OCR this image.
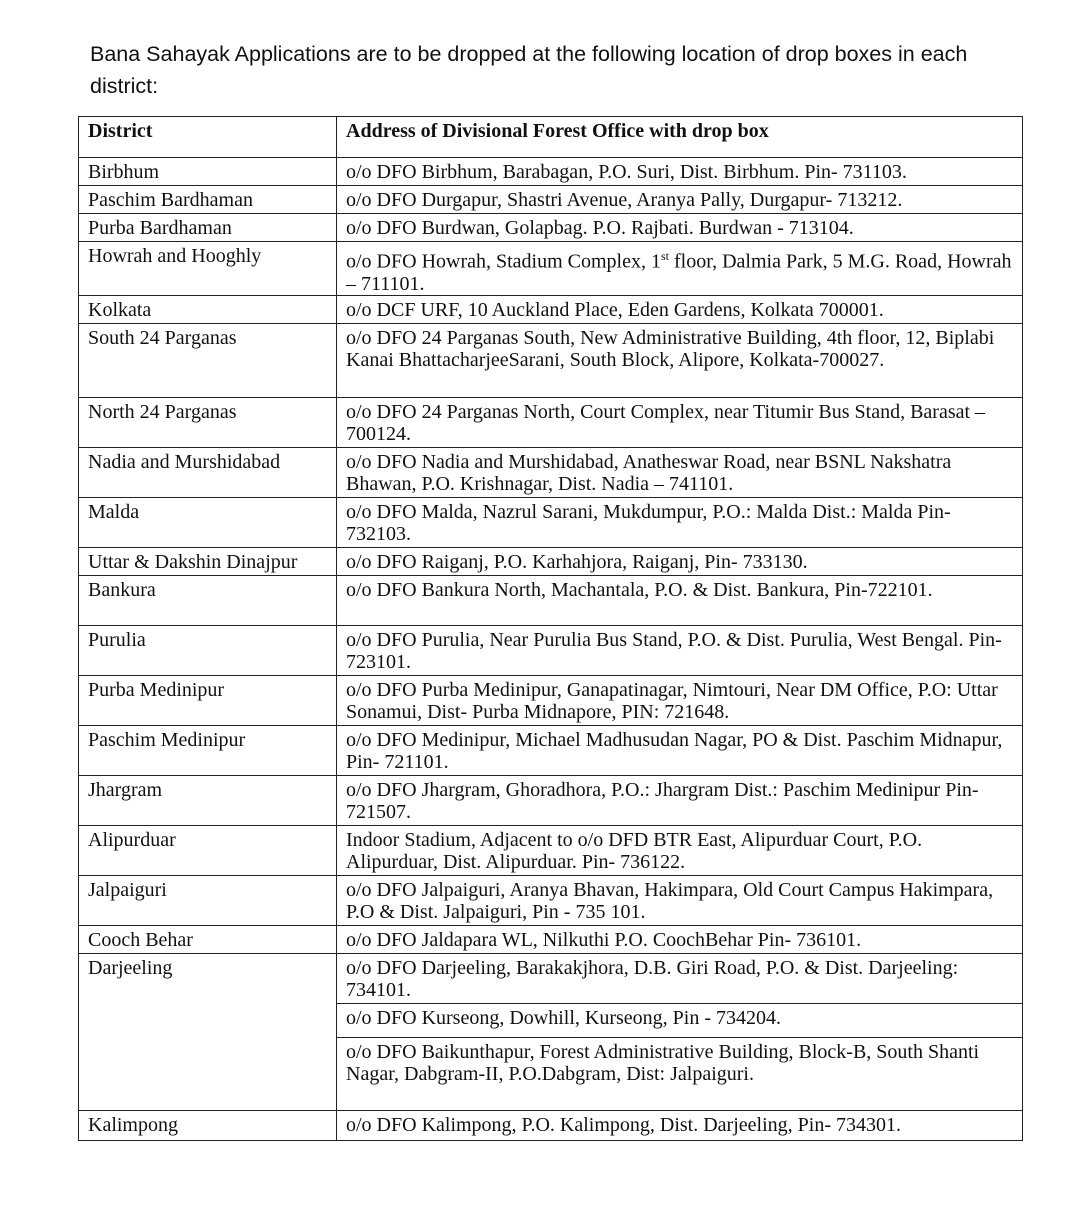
Bana Sahayak Applications are to be dropped at the following location of drop boxes in each district:
District	Address of Divisional Forest Office with drop box
Birbhum	o/o DFO Birbhum, Barabagan, P.O. Suri, Dist. Birbhum. Pin- 731103.
Paschim Bardhaman	o/o DFO Durgapur, Shastri Avenue, Aranya Pally, Durgapur- 713212.
Purba Bardhaman	o/o DFO Burdwan, Golapbag. P.O. Rajbati. Burdwan - 713104.
Howrah and Hooghly	o/o DFO Howrah, Stadium Complex, 1st floor, Dalmia Park, 5 M.G. Road, Howrah – 711101.
Kolkata	o/o DCF URF, 10 Auckland Place, Eden Gardens, Kolkata 700001.
South 24 Parganas	o/o DFO 24 Parganas South, New Administrative Building, 4th floor, 12, Biplabi Kanai BhattacharjeeSarani, South Block, Alipore, Kolkata-700027.
North 24 Parganas	o/o DFO 24 Parganas North, Court Complex, near Titumir Bus Stand, Barasat – 700124.
Nadia and Murshidabad	o/o DFO Nadia and Murshidabad, Anatheswar Road, near BSNL Nakshatra Bhawan, P.O. Krishnagar, Dist. Nadia – 741101.
Malda	o/o DFO Malda, Nazrul Sarani, Mukdumpur, P.O.: Malda Dist.: Malda Pin- 732103.
Uttar & Dakshin Dinajpur	o/o DFO Raiganj, P.O. Karhahjora, Raiganj, Pin- 733130.
Bankura	o/o DFO Bankura North, Machantala, P.O. & Dist. Bankura, Pin-722101.
Purulia	o/o DFO Purulia, Near Purulia Bus Stand, P.O. & Dist. Purulia, West Bengal. Pin- 723101.
Purba Medinipur	o/o DFO Purba Medinipur, Ganapatinagar, Nimtouri, Near DM Office, P.O: Uttar Sonamui, Dist- Purba Midnapore, PIN: 721648.
Paschim Medinipur	o/o DFO Medinipur, Michael Madhusudan Nagar, PO & Dist. Paschim Midnapur, Pin- 721101.
Jhargram	o/o DFO Jhargram, Ghoradhora, P.O.: Jhargram Dist.: Paschim Medinipur Pin- 721507.
Alipurduar	Indoor Stadium, Adjacent to o/o DFD BTR East, Alipurduar Court, P.O. Alipurduar, Dist. Alipurduar. Pin- 736122.
Jalpaiguri	o/o DFO Jalpaiguri, Aranya Bhavan, Hakimpara, Old Court Campus Hakimpara, P.O & Dist. Jalpaiguri, Pin - 735 101.
Cooch Behar	o/o DFO Jaldapara WL, Nilkuthi P.O. CoochBehar Pin- 736101.
Darjeeling	o/o DFO Darjeeling, Barakakjhora, D.B. Giri Road, P.O. & Dist. Darjeeling: 734101.
	o/o DFO Kurseong, Dowhill, Kurseong, Pin - 734204.
	o/o DFO Baikunthapur, Forest Administrative Building, Block-B, South Shanti Nagar, Dabgram-II, P.O.Dabgram, Dist: Jalpaiguri.
Kalimpong	o/o DFO Kalimpong, P.O. Kalimpong, Dist. Darjeeling, Pin- 734301.
